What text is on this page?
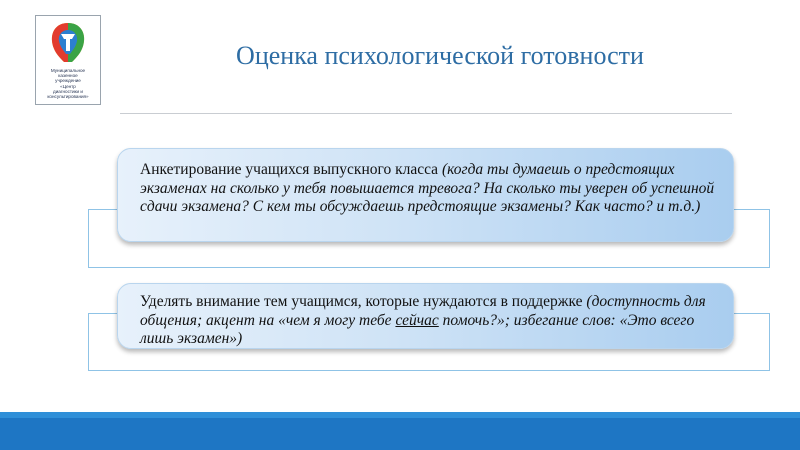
Муниципальное
казенное
учреждение
«Центр
диагностики и
консультирования»
Оценка психологической готовности
Анкетирование учащихся выпускного класса (когда ты думаешь о предстоящих экзаменах на сколько у тебя повышается тревога? На сколько ты уверен об успешной сдачи экзамена? С кем ты обсуждаешь предстоящие экзамены? Как часто? и т.д.)
Уделять внимание тем учащимся, которые нуждаются в поддержке (доступность для общения; акцент на «чем я могу тебе сейчас помочь?»; избегание слов: «Это всего лишь экзамен»)
